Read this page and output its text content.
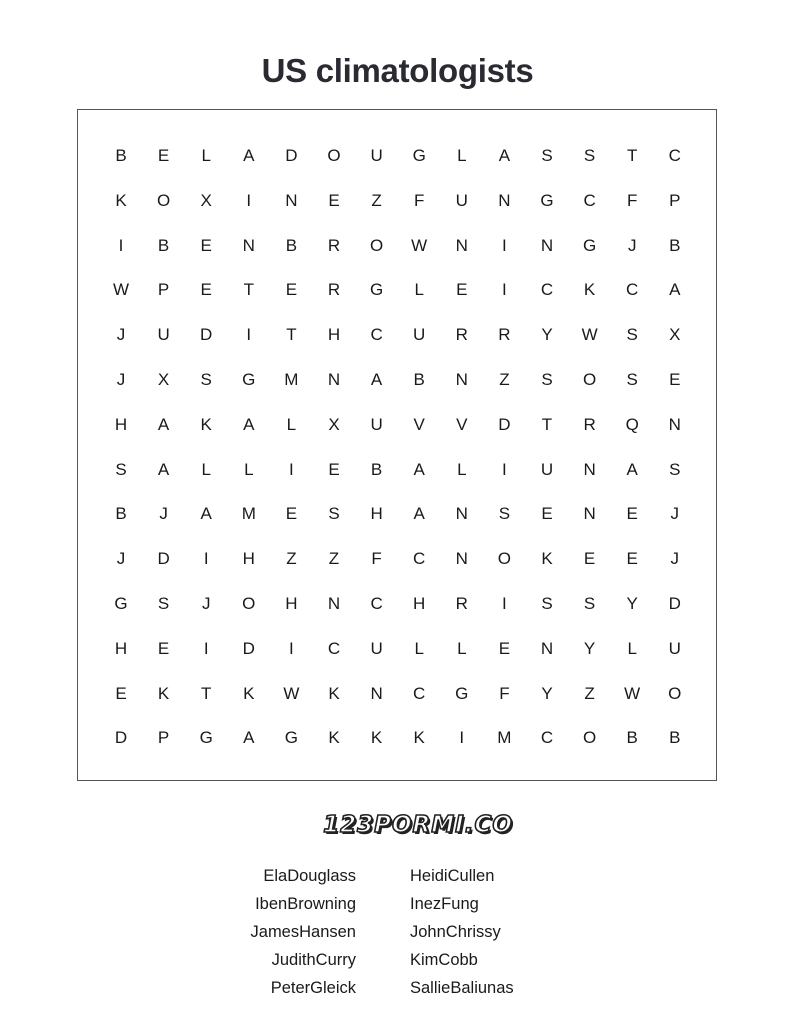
US climatologists
B	E	L	A	D	O	U	G	L	A	S	S	T	C
K	O	X	I	N	E	Z	F	U	N	G	C	F	P
I	B	E	N	B	R	O	W	N	I	N	G	J	B
W	P	E	T	E	R	G	L	E	I	C	K	C	A
J	U	D	I	T	H	C	U	R	R	Y	W	S	X
J	X	S	G	M	N	A	B	N	Z	S	O	S	E
H	A	K	A	L	X	U	V	V	D	T	R	Q	N
S	A	L	L	I	E	B	A	L	I	U	N	A	S
B	J	A	M	E	S	H	A	N	S	E	N	E	J
J	D	I	H	Z	Z	F	C	N	O	K	E	E	J
G	S	J	O	H	N	C	H	R	I	S	S	Y	D
H	E	I	D	I	C	U	L	L	E	N	Y	L	U
E	K	T	K	W	K	N	C	G	F	Y	Z	W	O
D	P	G	A	G	K	K	K	I	M	C	O	B	B
123PORMI.CO
ElaDouglass
IbenBrowning
JamesHansen
JudithCurry
PeterGleick
HeidiCullen
InezFung
JohnChrissy
KimCobb
SallieBaliunas
